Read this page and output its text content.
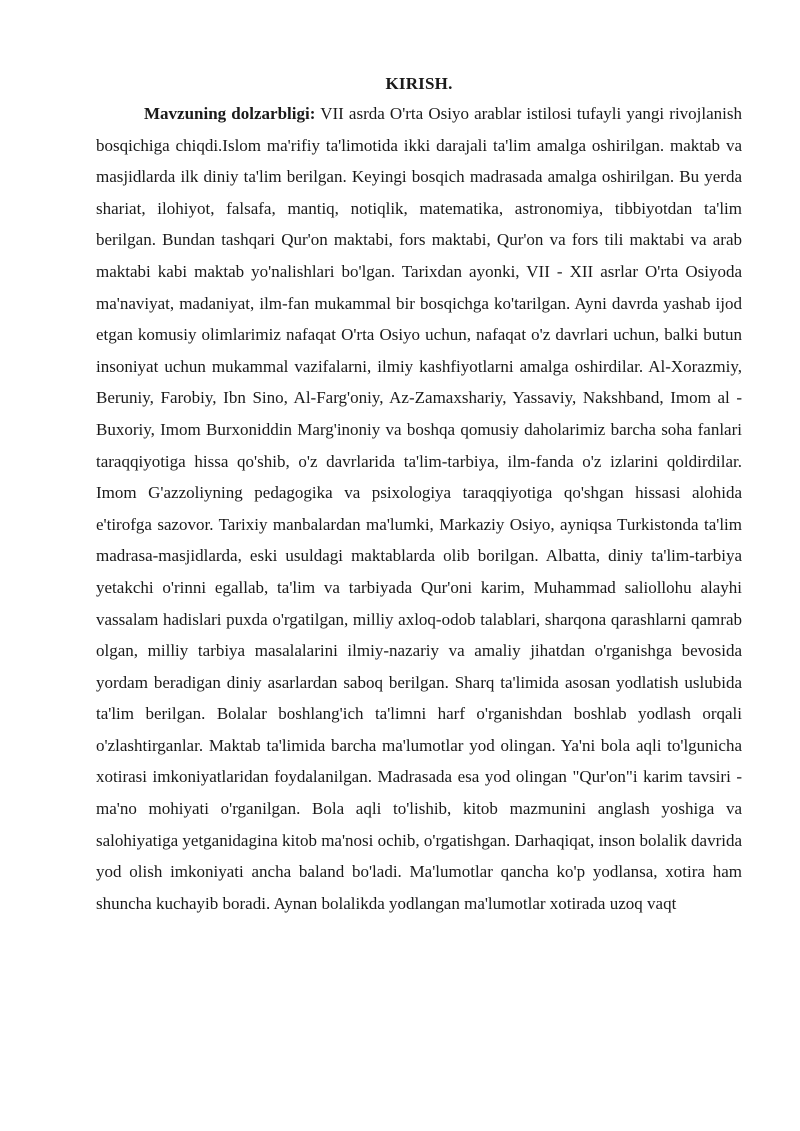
KIRISH.

Mavzuning dolzarbligi: VII asrda O'rta Osiyo arablar istilosi tufayli yangi rivojlanish bosqichiga chiqdi.Islom ma'rifiy ta'limotida ikki darajali ta'lim amalga oshirilgan. maktab va masjidlarda ilk diniy ta'lim berilgan. Keyingi bosqich madrasada amalga oshirilgan. Bu yerda shariat, ilohiyot, falsafa, mantiq, notiqlik, matematika, astronomiya, tibbiyotdan ta'lim berilgan. Bundan tashqari Qur'on maktabi, fors maktabi, Qur'on va fors tili maktabi va arab maktabi kabi maktab yo'nalishlari bo'lgan. Tarixdan ayonki, VII - XII asrlar O'rta Osiyoda ma'naviyat, madaniyat, ilm-fan mukammal bir bosqichga ko'tarilgan. Ayni davrda yashab ijod etgan komusiy olimlarimiz nafaqat O'rta Osiyo uchun, nafaqat o'z davrlari uchun, balki butun insoniyat uchun mukammal vazifalarni, ilmiy kashfiyotlarni amalga oshirdilar. Al-Xorazmiy, Beruniy, Farobiy, Ibn Sino, Al-Farg'oniy, Az-Zamaxshariy, Yassaviy, Nakshband, Imom al -Buxoriy, Imom Burxoniddin Marg'inoniy va boshqa qomusiy daholarimiz barcha soha fanlari taraqqiyotiga hissa qo'shib, o'z davrlarida ta'lim-tarbiya, ilm-fanda o'z izlarini qoldirdilar. Imom G'azzoliyning pedagogika va psixologiya taraqqiyotiga qo'shgan hissasi alohida e'tirofga sazovor. Tarixiy manbalardan ma'lumki, Markaziy Osiyo, ayniqsa Turkistonda ta'lim madrasa-masjidlarda, eski usuldagi maktablarda olib borilgan. Albatta, diniy ta'lim-tarbiya yetakchi o'rinni egallab, ta'lim va tarbiyada Qur'oni karim, Muhammad saliollohu alayhi vassalam hadislari puxda o'rgatilgan, milliy axloq-odob talablari, sharqona qarashlarni qamrab olgan, milliy tarbiya masalalarini ilmiy-nazariy va amaliy jihatdan o'rganishga bevosida yordam beradigan diniy asarlardan saboq berilgan. Sharq ta'limida asosan yodlatish uslubida ta'lim berilgan. Bolalar boshlang'ich ta'limni harf o'rganishdan boshlab yodlash orqali o'zlashtirganlar. Maktab ta'limida barcha ma'lumotlar yod olingan. Ya'ni bola aqli to'lgunicha xotirasi imkoniyatlaridan foydalanilgan. Madrasada esa yod olingan "Qur'on"i karim tavsiri - ma'no mohiyati o'rganilgan. Bola aqli to'lishib, kitob mazmunini anglash yoshiga va salohiyatiga yetganidagina kitob ma'nosi ochib, o'rgatishgan. Darhaqiqat, inson bolalik davrida yod olish imkoniyati ancha baland bo'ladi. Ma'lumotlar qancha ko'p yodlansa, xotira ham shuncha kuchayib boradi. Aynan bolalikda yodlangan ma'lumotlar xotirada uzoq vaqt
